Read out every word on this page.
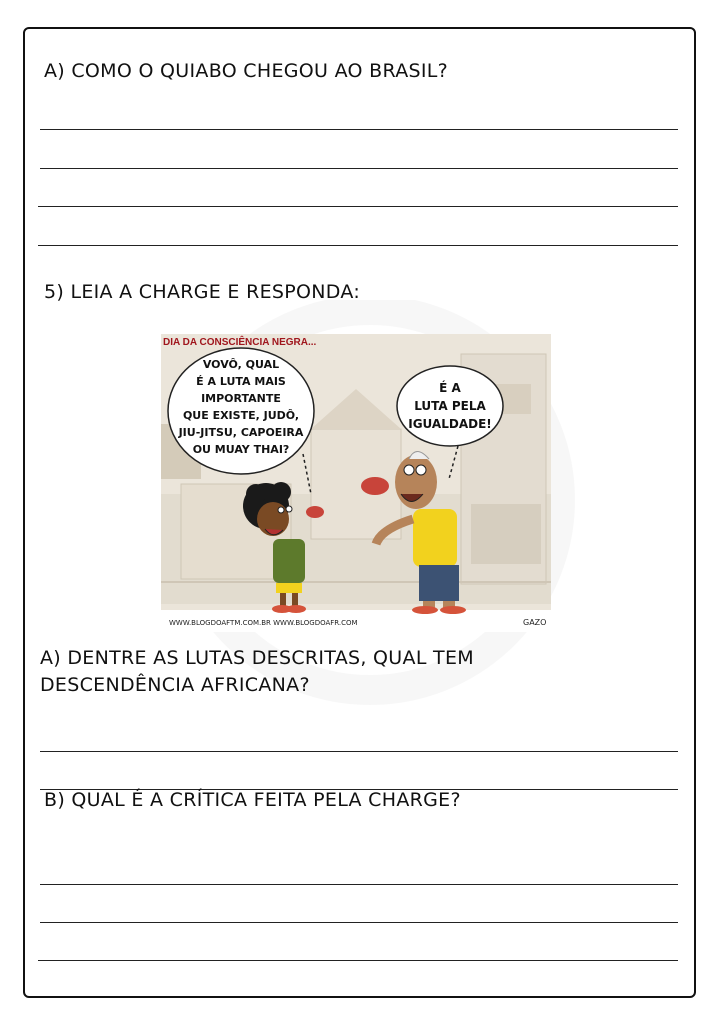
A) COMO O QUIABO CHEGOU AO BRASIL?
5) LEIA A CHARGE E RESPONDA:
DIA DA CONSCIÊNCIA NEGRA...
VOVÔ, QUAL
É A LUTA MAIS
IMPORTANTE
QUE EXISTE, JUDÔ,
JIU-JITSU, CAPOEIRA
OU MUAY THAI?
É A
LUTA PELA
IGUALDADE!
WWW.BLOGDOAFTM.COM.BR WWW.BLOGDOAFR.COM	GAZO
A) DENTRE AS LUTAS DESCRITAS, QUAL TEM
DESCENDÊNCIA AFRICANA?
B) QUAL É A CRÍTICA FEITA PELA CHARGE?
